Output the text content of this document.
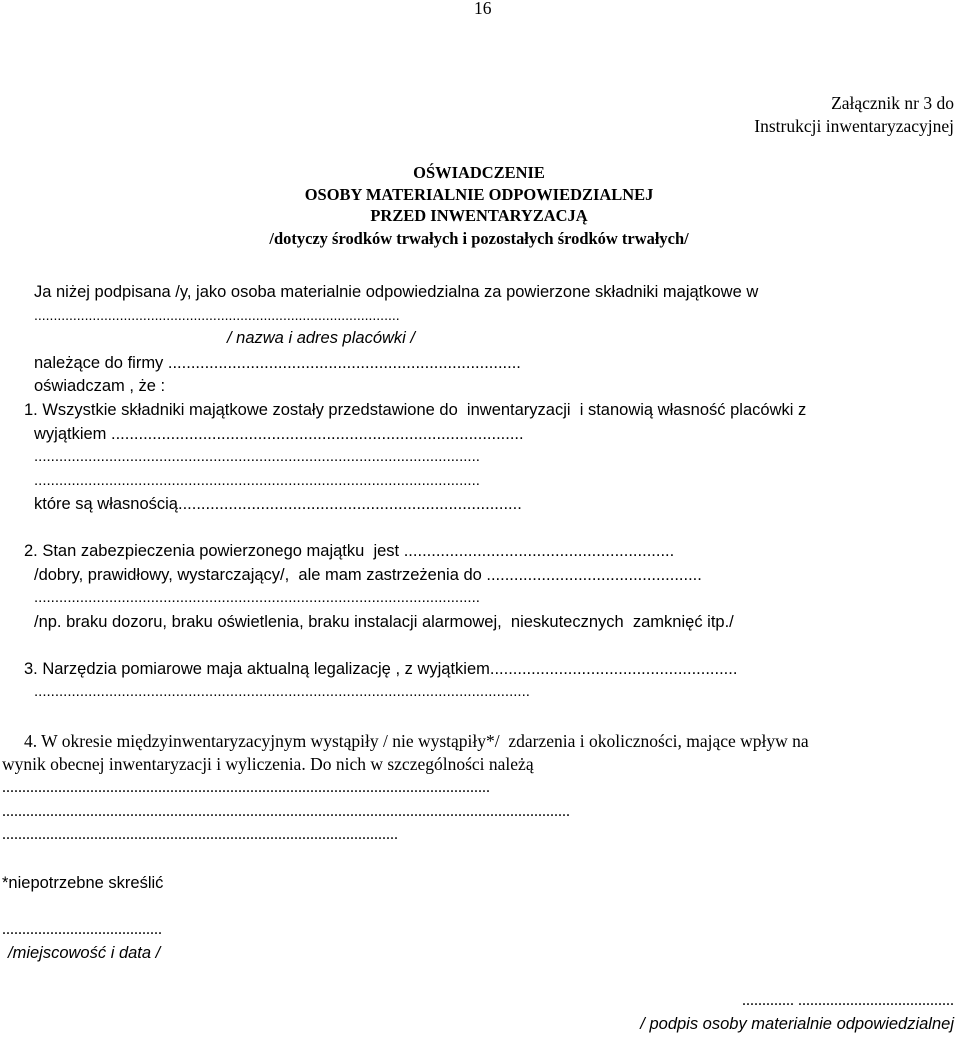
16
Załącznik nr 3 do
Instrukcji inwentaryzacyjnej
OŚWIADCZENIE
OSOBY MATERIALNIE ODPOWIEDZIALNEJ
PRZED INWENTARYZACJĄ
/dotyczy środków trwałych i pozostałych środków trwałych/
Ja niżej podpisana /y, jako osoba materialnie odpowiedzialna za powierzone składniki majątkowe w
..............................................................................................
/ nazwa i adres placówki /
należące do firmy .............................................................................
oświadczam , że :
1. Wszystkie składniki majątkowe zostały przedstawione do  inwentaryzacji  i stanowią własność placówki z
wyjątkiem ..........................................................................................
...........................................................................................................
...........................................................................................................
które są własnością...........................................................................
2. Stan zabezpieczenia powierzonego majątku  jest ...........................................................
/dobry, prawidłowy, wystarczający/,  ale mam zastrzeżenia do ...............................................
...........................................................................................................
/np. braku dozoru, braku oświetlenia, braku instalacji alarmowej,  nieskutecznych  zamknięć itp./
3. Narzędzia pomiarowe maja aktualną legalizację , z wyjątkiem......................................................
.......................................................................................................................
4. W okresie międzyinwentaryzacyjnym wystąpiły / nie wystąpiły*/  zdarzenia i okoliczności, mające wpływ na
wynik obecnej inwentaryzacji i wyliczenia. Do nich w szczególności należą
..........................................................................................................................
..............................................................................................................................................
...................................................................................................
*niepotrzebne skreślić
........................................
/miejscowość i data /
............. .......................................
/ podpis osoby materialnie odpowiedzialnej
